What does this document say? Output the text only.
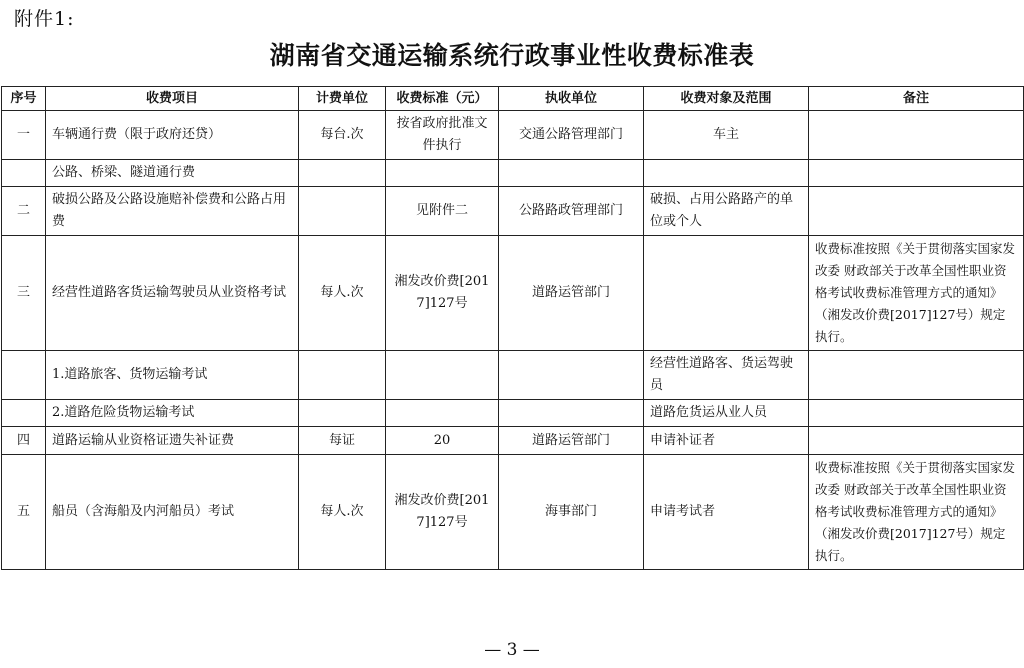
附件1:
湖南省交通运输系统行政事业性收费标准表
序号	收费项目	计费单位	收费标准（元）	执收单位	收费对象及范围	备注
一	车辆通行费（限于政府还贷）	每台.次	按省政府批准文件执行	交通公路管理部门	车主	
	公路、桥梁、隧道通行费					
二	破损公路及公路设施赔补偿费和公路占用费		见附件二	公路路政管理部门	破损、占用公路路产的单位或个人	
三	经营性道路客货运输驾驶员从业资格考试	每人.次	湘发改价费[2017]127号	道路运管部门		收费标准按照《关于贯彻落实国家发改委 财政部关于改革全国性职业资格考试收费标准管理方式的通知》（湘发改价费[2017]127号）规定执行。
	1.道路旅客、货物运输考试				经营性道路客、货运驾驶员	
	2.道路危险货物运输考试				道路危货运从业人员	
四	道路运输从业资格证遗失补证费	每证	20	道路运管部门	申请补证者	
五	船员（含海船及内河船员）考试	每人.次	湘发改价费[2017]127号	海事部门	申请考试者	收费标准按照《关于贯彻落实国家发改委 财政部关于改革全国性职业资格考试收费标准管理方式的通知》（湘发改价费[2017]127号）规定执行。
— 3 —
